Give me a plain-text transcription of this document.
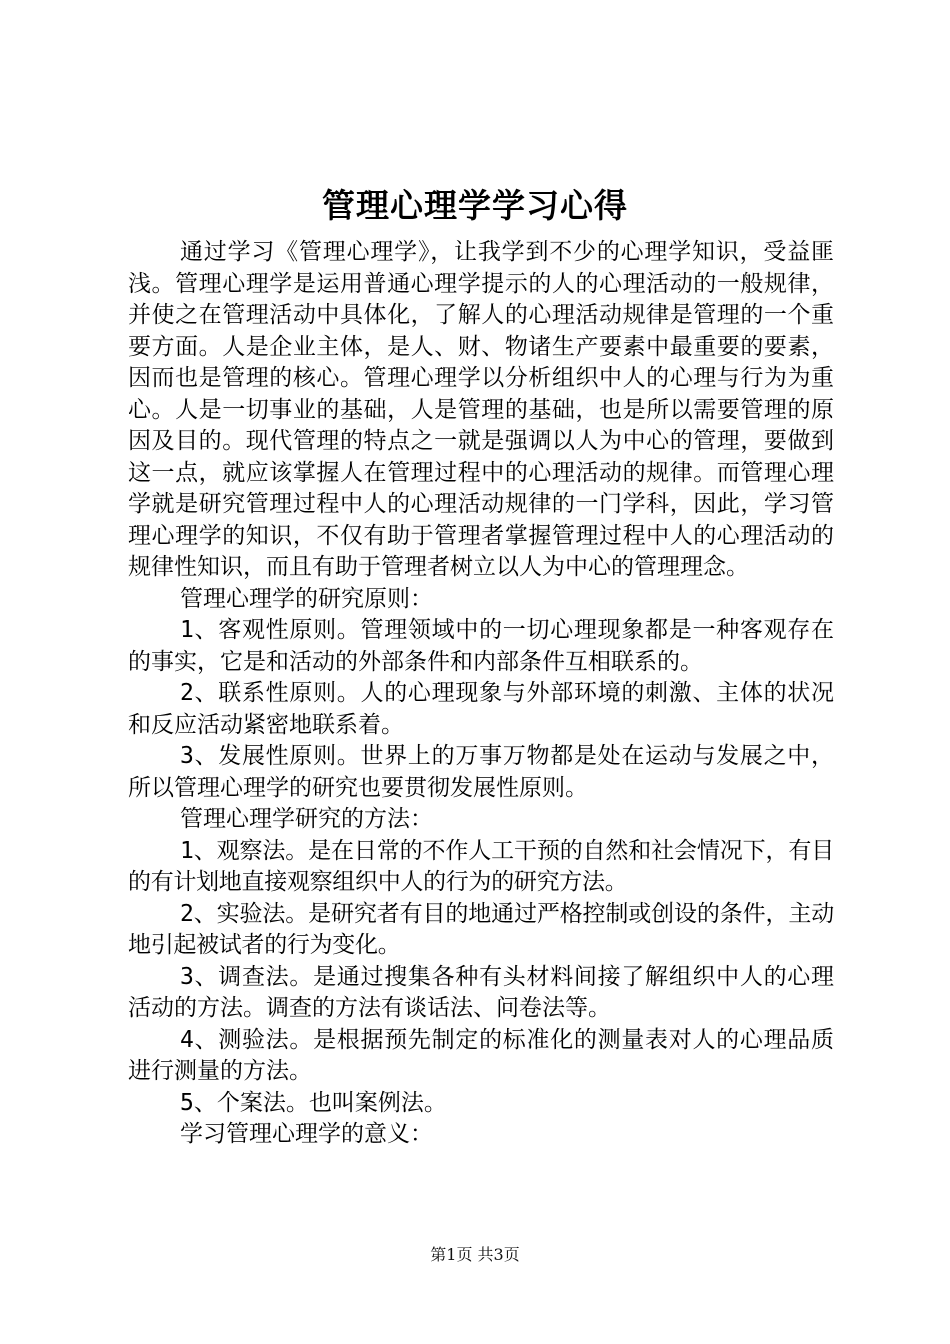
管理心理学学习心得

通过学习《管理心理学》，让我学到不少的心理学知识，受益匪浅。管理心理学是运用普通心理学提示的人的心理活动的一般规律，并使之在管理活动中具体化，了解人的心理活动规律是管理的一个重要方面。人是企业主体，是人、财、物诸生产要素中最重要的要素，因而也是管理的核心。管理心理学以分析组织中人的心理与行为为重心。人是一切事业的基础，人是管理的基础，也是所以需要管理的原因及目的。现代管理的特点之一就是强调以人为中心的管理，要做到这一点，就应该掌握人在管理过程中的心理活动的规律。而管理心理学就是研究管理过程中人的心理活动规律的一门学科，因此，学习管理心理学的知识，不仅有助于管理者掌握管理过程中人的心理活动的规律性知识，而且有助于管理者树立以人为中心的管理理念。

管理心理学的研究原则：

1、客观性原则。管理领域中的一切心理现象都是一种客观存在的事实，它是和活动的外部条件和内部条件互相联系的。

2、联系性原则。人的心理现象与外部环境的刺激、主体的状况和反应活动紧密地联系着。

3、发展性原则。世界上的万事万物都是处在运动与发展之中，所以管理心理学的研究也要贯彻发展性原则。

管理心理学研究的方法：

1、观察法。是在日常的不作人工干预的自然和社会情况下，有目的有计划地直接观察组织中人的行为的研究方法。

2、实验法。是研究者有目的地通过严格控制或创设的条件，主动地引起被试者的行为变化。

3、调查法。是通过搜集各种有头材料间接了解组织中人的心理活动的方法。调查的方法有谈话法、问卷法等。

4、测验法。是根据预先制定的标准化的测量表对人的心理品质进行测量的方法。

5、个案法。也叫案例法。

学习管理心理学的意义：

第1页 共3页
